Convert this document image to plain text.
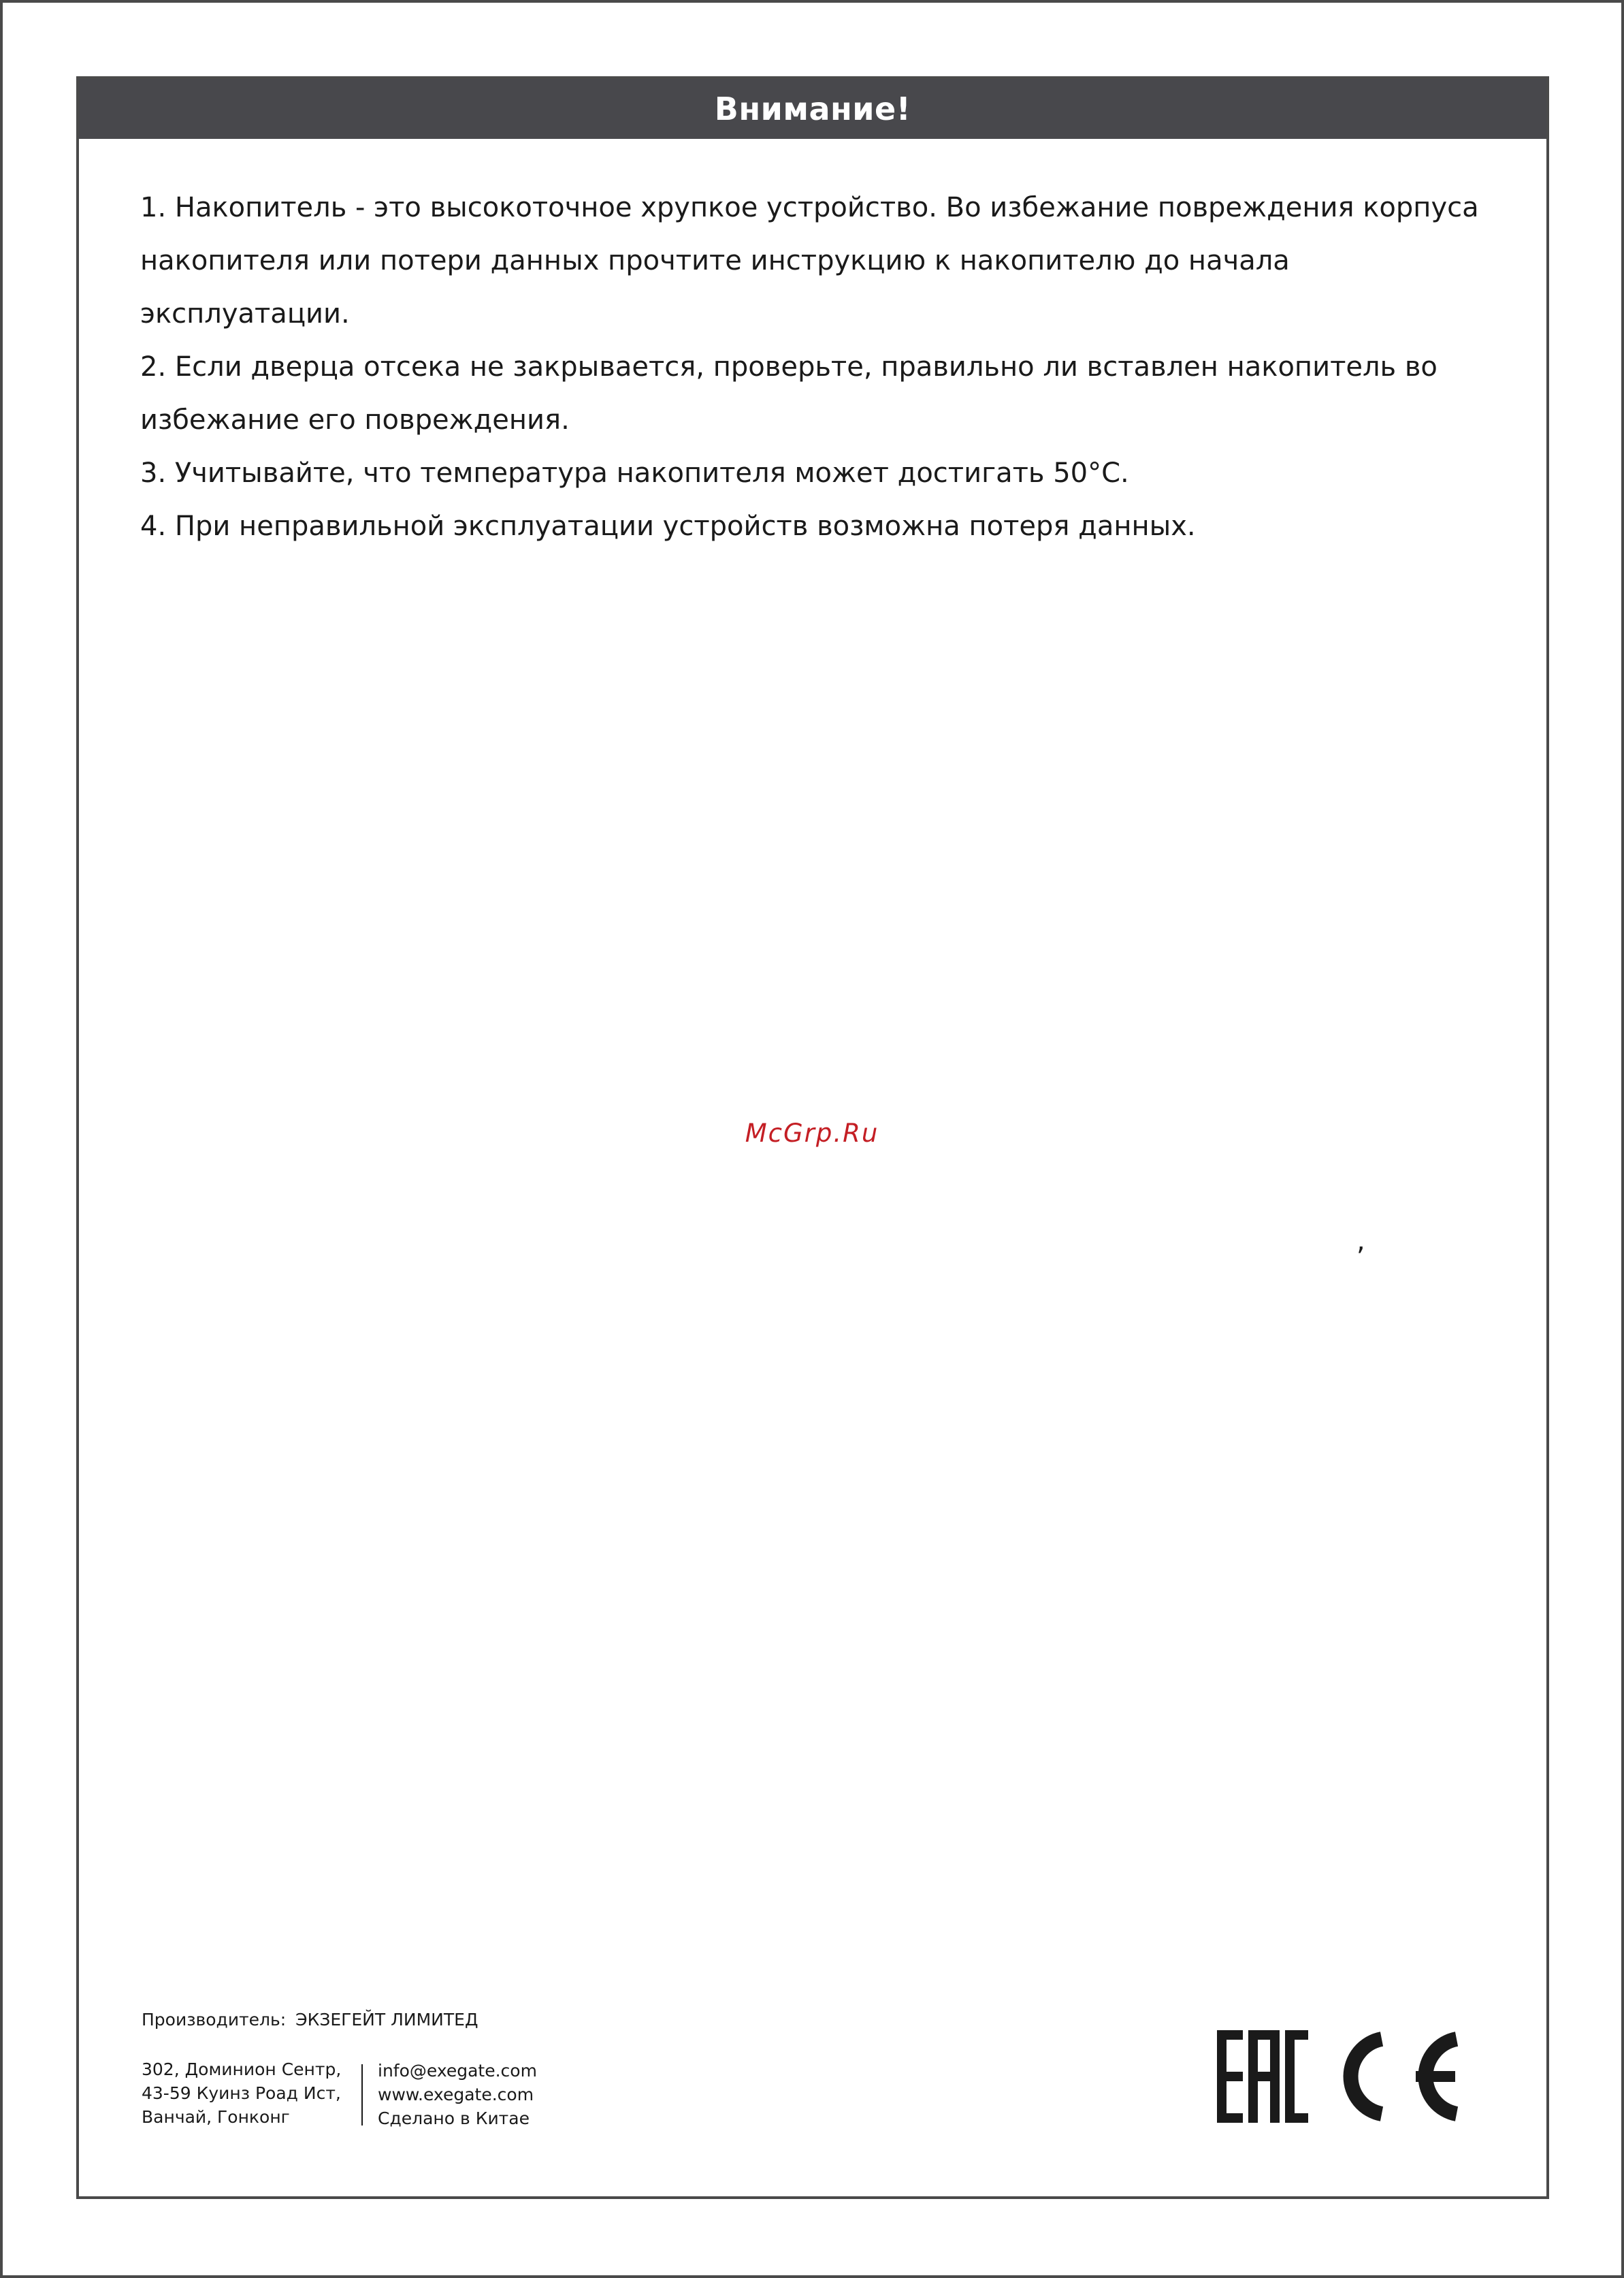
Внимание!

1. Накопитель - это высокоточное хрупкое устройство. Во избежание повреждения корпуса накопителя или потери данных прочтите инструкцию к накопителю до начала эксплуатации.

2. Если дверца отсека не закрывается, проверьте, правильно ли вставлен накопитель во избежание его повреждения.

3. Учитывайте, что температура накопителя может достигать 50°C.

4. При неправильной эксплуатации устройств возможна потеря данных.

McGrp.Ru
,
Производитель: ЭКЗЕГЕЙТ ЛИМИТЕД
302, Доминион Сентр,
43-59 Куинз Роад Ист,
Ванчай, Гонконг
info@exegate.com
www.exegate.com
Сделано в Китае
